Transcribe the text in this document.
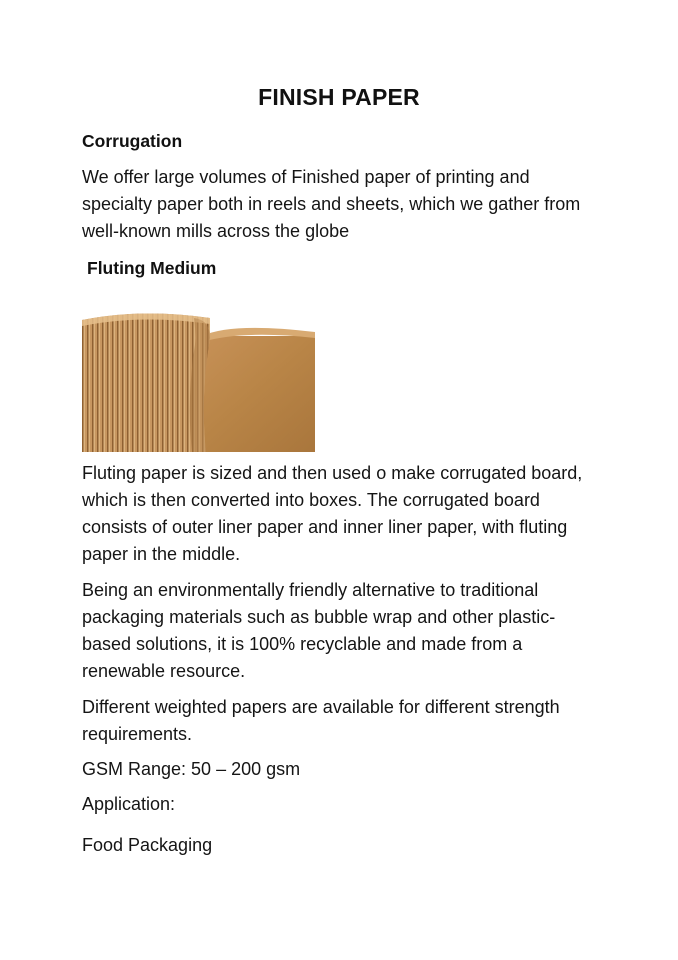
FINISH PAPER
Corrugation
We offer large volumes of Finished paper of printing and specialty paper both in reels and sheets, which we gather from well-known mills across the globe
Fluting Medium
Fluting paper is sized and then used o make corrugated board, which is then converted into boxes. The corrugated board consists of outer liner paper and inner liner paper, with fluting paper in the middle.
Being an environmentally friendly alternative to traditional packaging materials such as bubble wrap and other plastic-based solutions, it is 100% recyclable and made from a renewable resource.
Different weighted papers are available for different strength requirements.
GSM Range: 50 – 200 gsm
Application:
Food Packaging
